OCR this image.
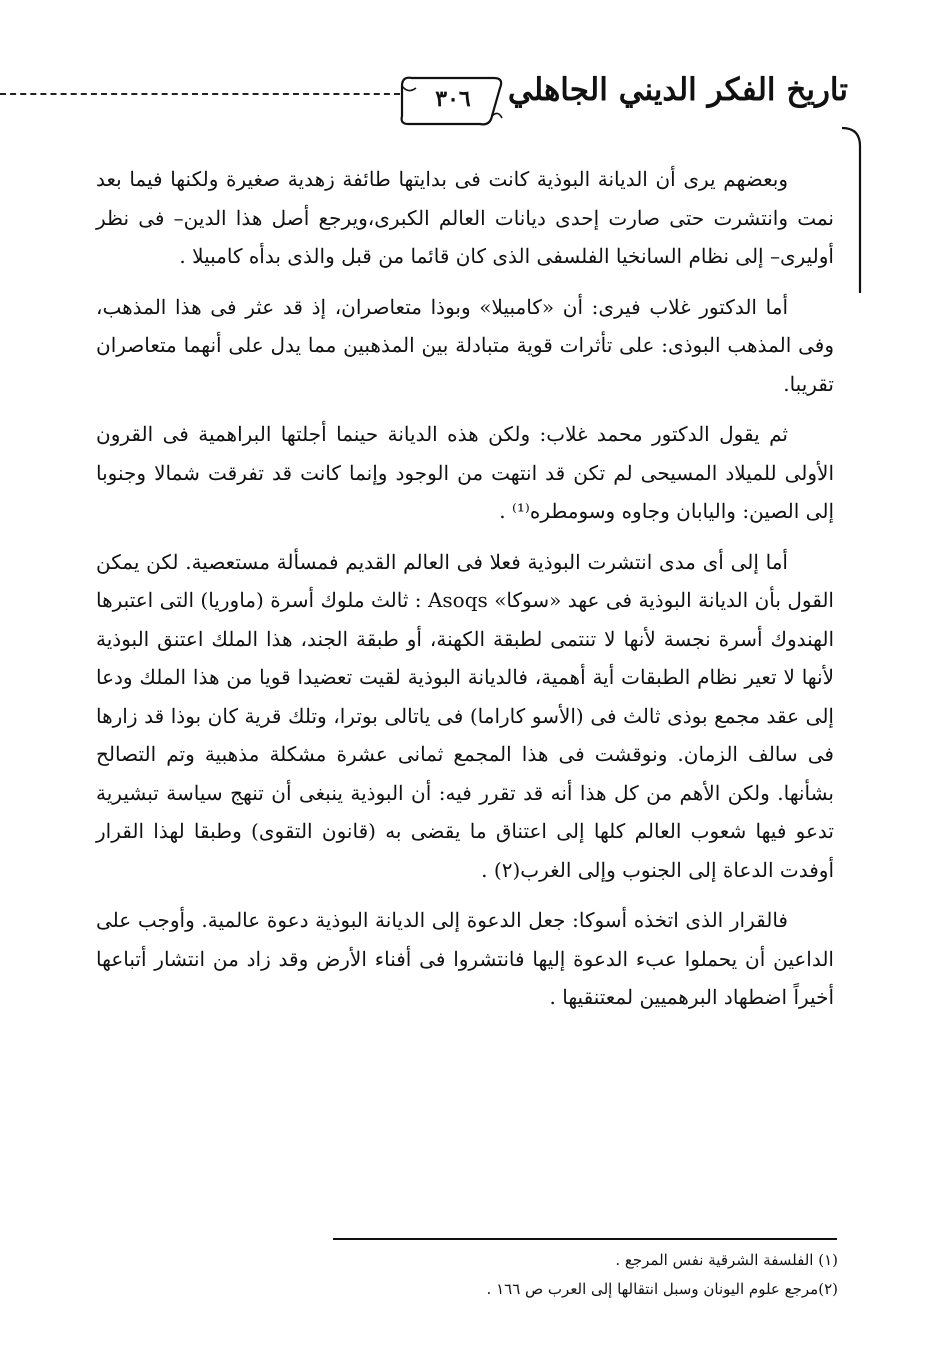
٣٠٦	تاريخ الفكر الديني الجاهلي

وبعضهم يرى أن الديانة البوذية كانت فى بدايتها طائفة زهدية صغيرة ولكنها فيما بعد نمت وانتشرت حتى صارت إحدى ديانات العالم الكبرى،ويرجع أصل هذا الدين– فى نظر أوليرى– إلى نظام السانخيا الفلسفى الذى كان قائما من قبل والذى بدأه كامبيلا .

أما الدكتور غلاب فيرى: أن «كامبيلا» وبوذا متعاصران، إذ قد عثر فى هذا المذهب، وفى المذهب البوذى: على تأثرات قوية متبادلة بين المذهبين مما يدل على أنهما متعاصران تقريبا.

ثم يقول الدكتور محمد غلاب: ولكن هذه الديانة حينما أجلتها البراهمية فى القرون الأولى للميلاد المسيحى لم تكن قد انتهت من الوجود وإنما كانت قد تفرقت شمالا وجنوبا إلى الصين: واليابان وجاوه وسومطره⁽¹⁾ .

أما إلى أى مدى انتشرت البوذية فعلا فى العالم القديم فمسألة مستعصية. لكن يمكن القول بأن الديانة البوذية فى عهد «سوكا» Asoqs : ثالث ملوك أسرة (ماوريا) التى اعتبرها الهندوك أسرة نجسة لأنها لا تنتمى لطبقة الكهنة، أو طبقة الجند، هذا الملك اعتنق البوذية لأنها لا تعير نظام الطبقات أية أهمية، فالديانة البوذية لقيت تعضيدا قويا من هذا الملك ودعا إلى عقد مجمع بوذى ثالث فى (الأسو كاراما) فى ياتالى بوترا، وتلك قرية كان بوذا قد زارها فى سالف الزمان. ونوقشت فى هذا المجمع ثمانى عشرة مشكلة مذهبية وتم التصالح بشأنها. ولكن الأهم من كل هذا أنه قد تقرر فيه: أن البوذية ينبغى أن تنهج سياسة تبشيرية تدعو فيها شعوب العالم كلها إلى اعتناق ما يقضى به (قانون التقوى) وطبقا لهذا القرار أوفدت الدعاة إلى الجنوب وإلى الغرب(٢) .

فالقرار الذى اتخذه أسوكا: جعل الدعوة إلى الديانة البوذية دعوة عالمية. وأوجب على الداعين أن يحملوا عبء الدعوة إليها فانتشروا فى أفناء الأرض وقد زاد من انتشار أتباعها أخيراً اضطهاد البرهميين لمعتنقيها .

(١) الفلسفة الشرقية نفس المرجع .
(٢)مرجع علوم اليونان وسبل انتقالها إلى العرب ص ١٦٦ .
